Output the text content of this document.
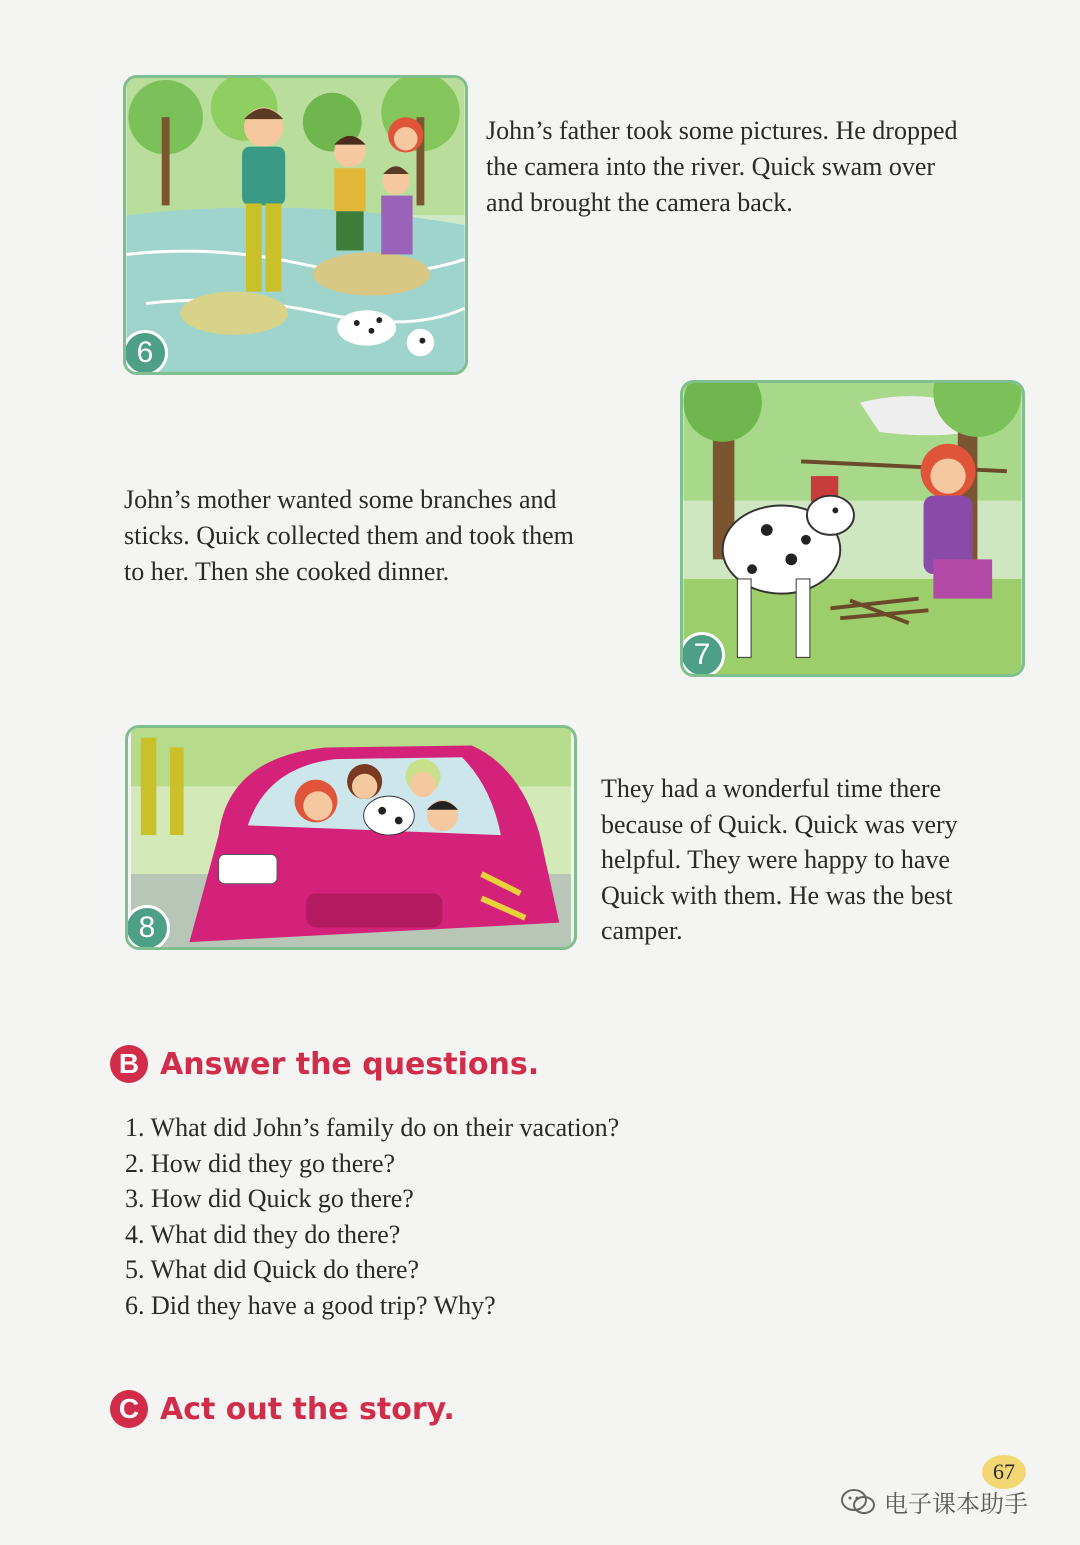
6

John’s father took some pictures. He dropped
the camera into the river. Quick swam over
and brought the camera back.

John’s mother wanted some branches and
sticks. Quick collected them and took them
to her. Then she cooked dinner.

7
8

They had a wonderful time there
because of Quick. Quick was very
helpful. They were happy to have
Quick with them. He was the best
camper.

B Answer the questions.
1. What did John’s family do on their vacation?
2. How did they go there?
3. How did Quick go there?
4. What did they do there?
5. What did Quick do there?
6. Did they have a good trip? Why?
C Act out the story.
67
电子课本助手
